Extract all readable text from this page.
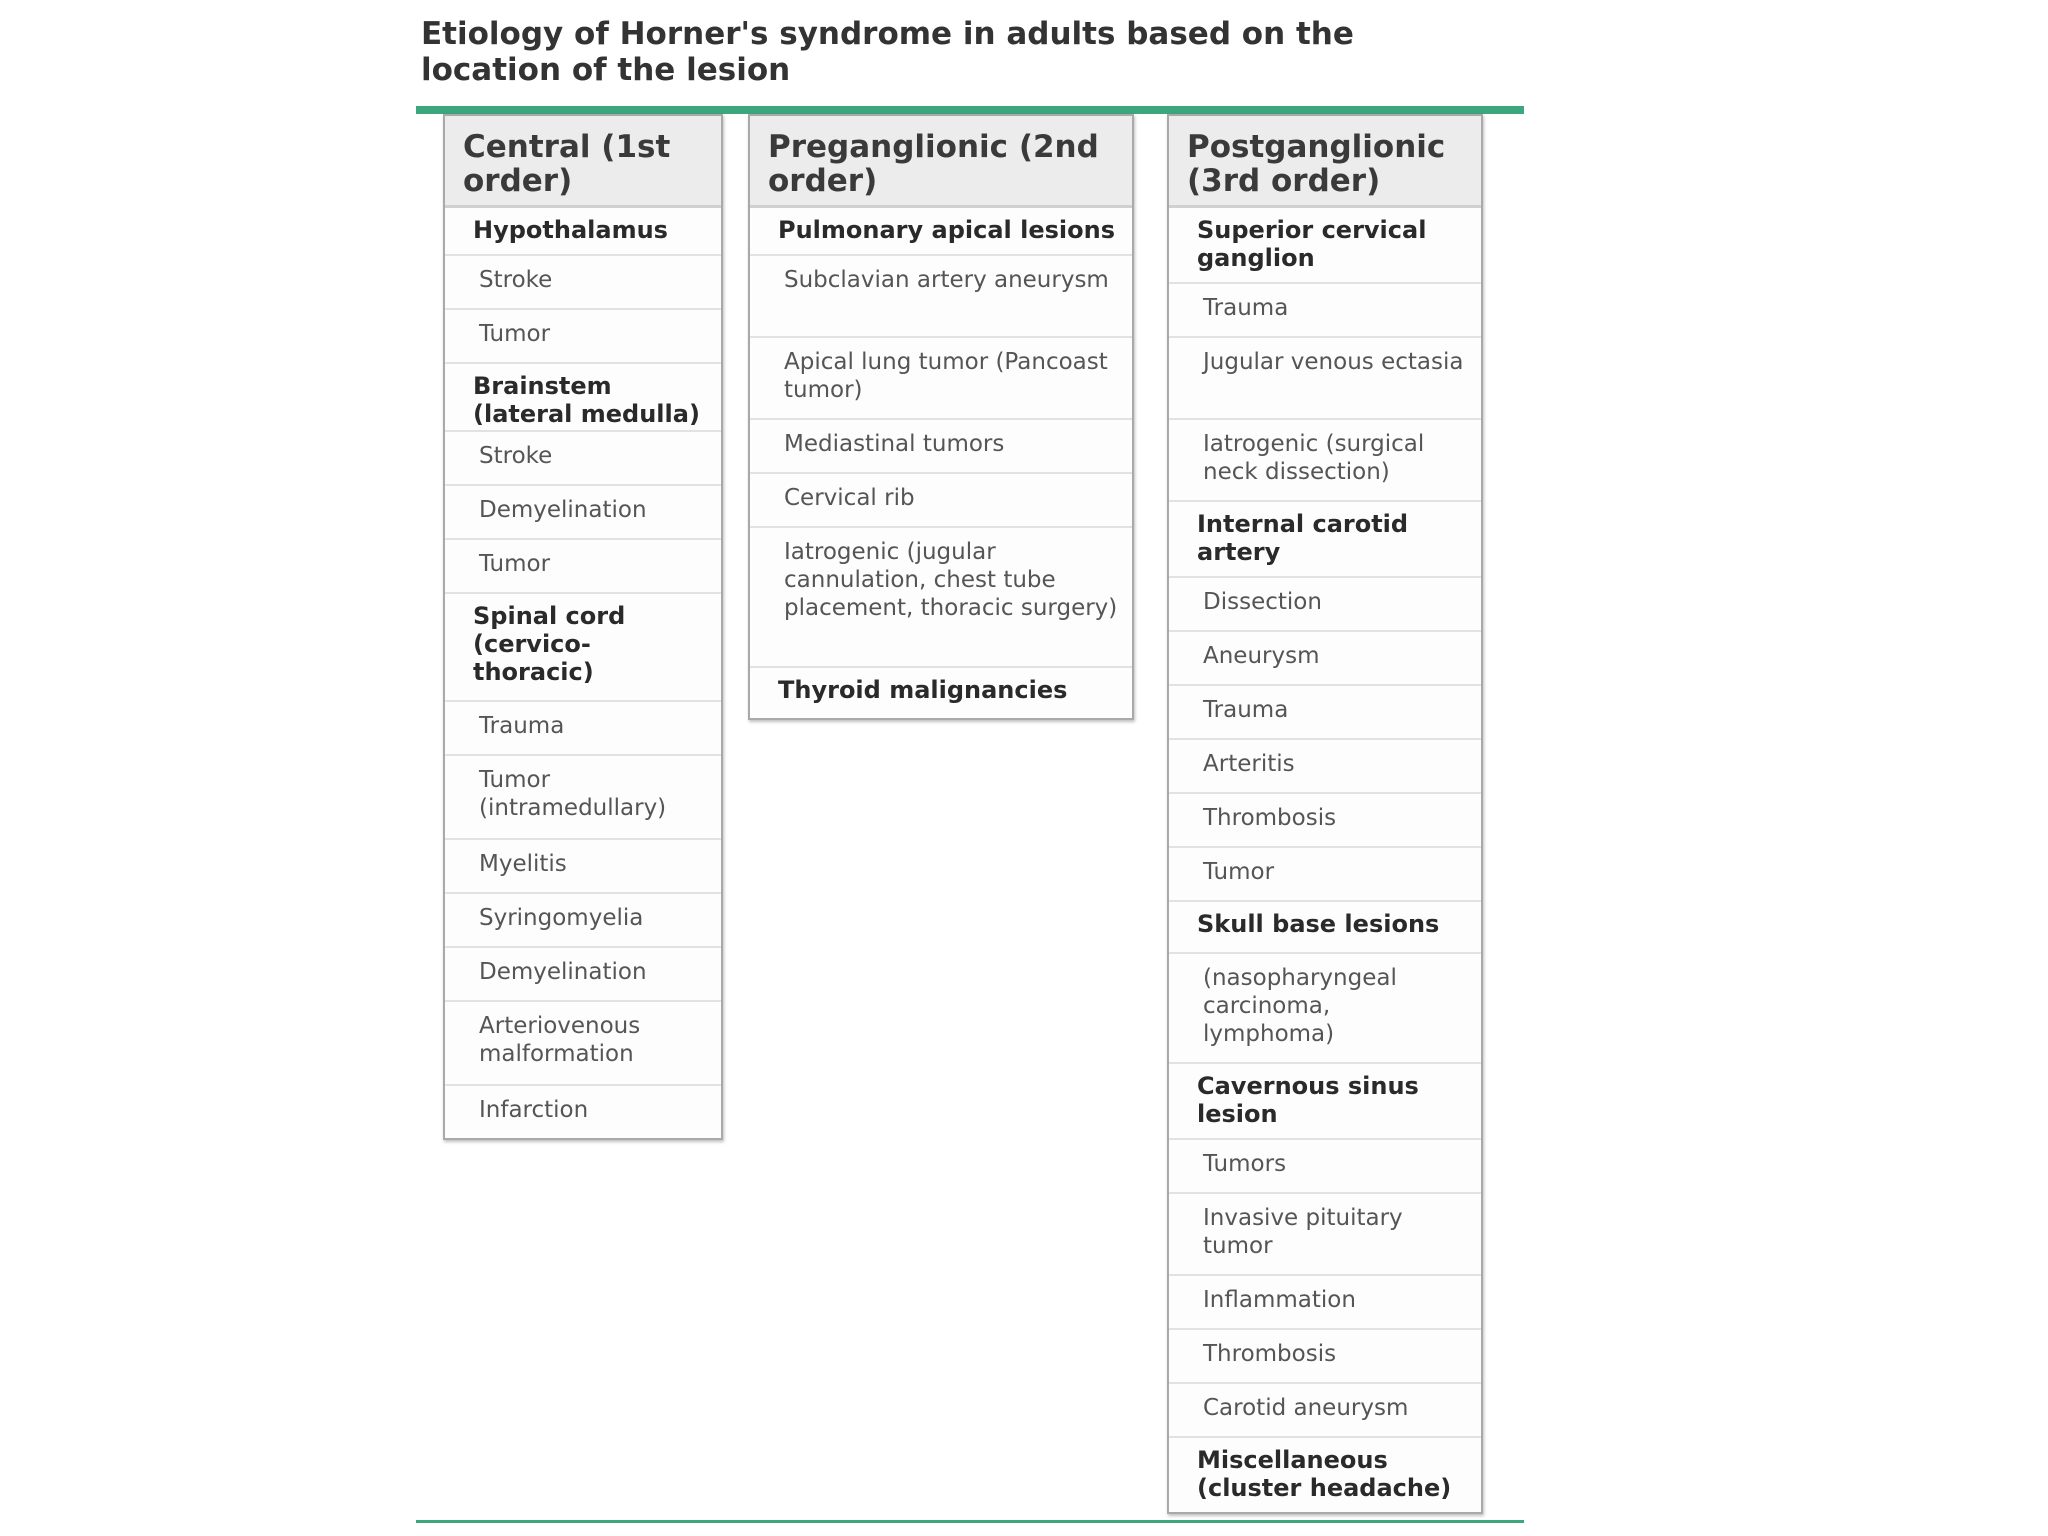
Etiology of Horner's syndrome in adults based on the location of the lesion
Central (1st order)
Hypothalamus
Stroke
Tumor
Brainstem (lateral medulla)
Stroke
Demyelination
Tumor
Spinal cord (cervico-thoracic)
Trauma
Tumor (intramedullary)
Myelitis
Syringomyelia
Demyelination
Arteriovenous malformation
Infarction
Preganglionic (2nd order)
Pulmonary apical lesions
Subclavian artery aneurysm
Apical lung tumor (Pancoast tumor)
Mediastinal tumors
Cervical rib
Iatrogenic (jugular cannulation, chest tube placement, thoracic surgery)
Thyroid malignancies
Postganglionic (3rd order)
Superior cervical ganglion
Trauma
Jugular venous ectasia
Iatrogenic (surgical neck dissection)
Internal carotid artery
Dissection
Aneurysm
Trauma
Arteritis
Thrombosis
Tumor
Skull base lesions
(nasopharyngeal carcinoma, lymphoma)
Cavernous sinus lesion
Tumors
Invasive pituitary tumor
Inflammation
Thrombosis
Carotid aneurysm
Miscellaneous (cluster headache)
